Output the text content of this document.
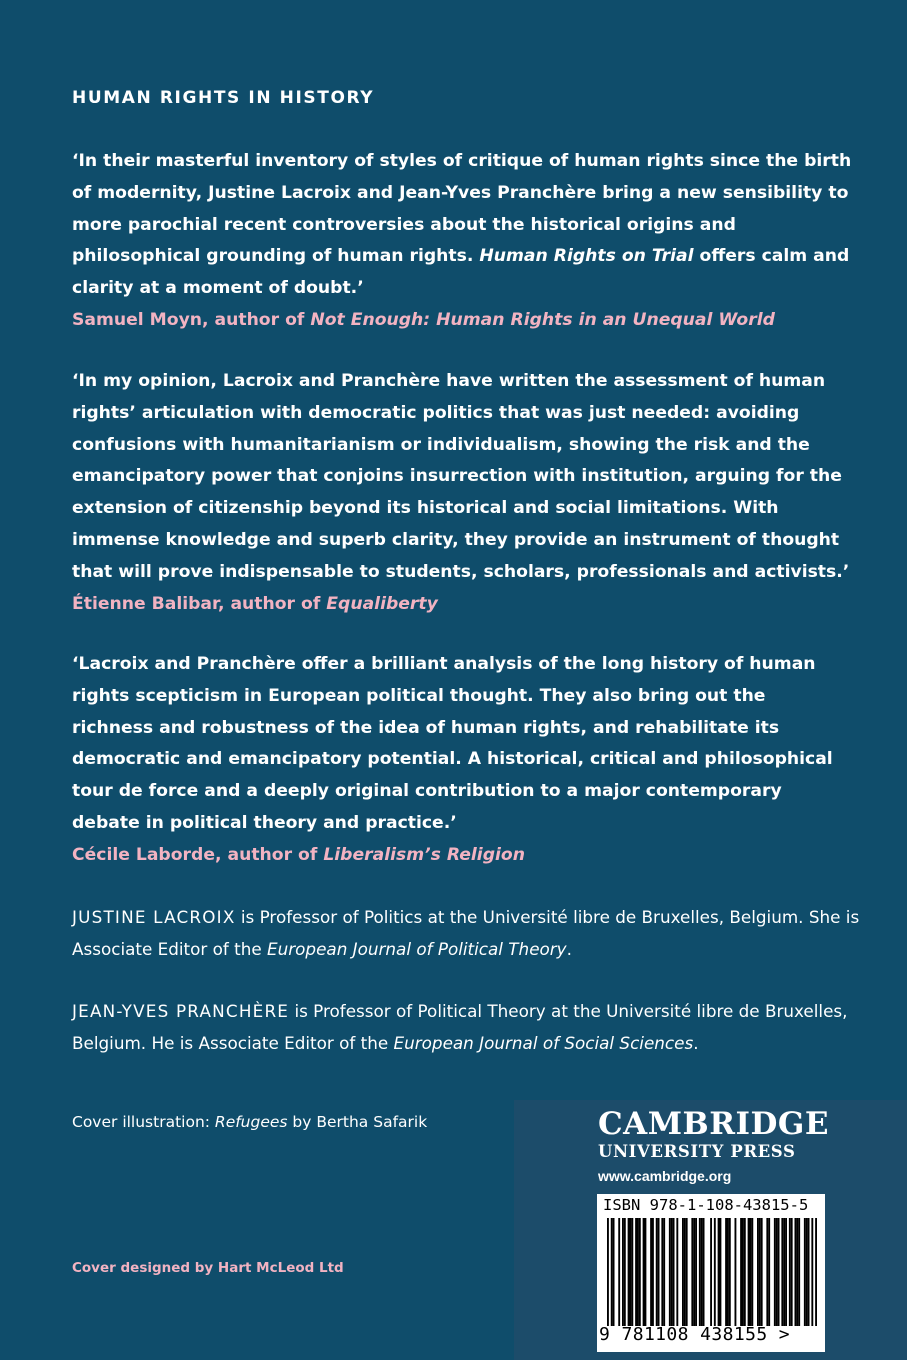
HUMAN RIGHTS IN HISTORY
‘In their masterful inventory of styles of critique of human rights since the birth of modernity, Justine Lacroix and Jean-Yves Pranchère bring a new sensibility to more parochial recent controversies about the historical origins and philosophical grounding of human rights. Human Rights on Trial offers calm and clarity at a moment of doubt.’
Samuel Moyn, author of Not Enough: Human Rights in an Unequal World
‘In my opinion, Lacroix and Pranchère have written the assessment of human rights’ articulation with democratic politics that was just needed: avoiding confusions with humanitarianism or individualism, showing the risk and the emancipatory power that conjoins insurrection with institution, arguing for the extension of citizenship beyond its historical and social limitations. With immense knowledge and superb clarity, they provide an instrument of thought that will prove indispensable to students, scholars, professionals and activists.’
Étienne Balibar, author of Equaliberty
‘Lacroix and Pranchère offer a brilliant analysis of the long history of human rights scepticism in European political thought. They also bring out the richness and robustness of the idea of human rights, and rehabilitate its democratic and emancipatory potential. A historical, critical and philosophical tour de force and a deeply original contribution to a major contemporary debate in political theory and practice.’
Cécile Laborde, author of Liberalism’s Religion
JUSTINE LACROIX is Professor of Politics at the Université libre de Bruxelles, Belgium. She is Associate Editor of the European Journal of Political Theory.
JEAN-YVES PRANCHÈRE is Professor of Political Theory at the Université libre de Bruxelles, Belgium. He is Associate Editor of the European Journal of Social Sciences.
Cover illustration: Refugees by Bertha Safarik
Cover designed by Hart McLeod Ltd
CAMBRIDGE
UNIVERSITY PRESS
www.cambridge.org
ISBN 978-1-108-43815-5
9 781108 438155 >
